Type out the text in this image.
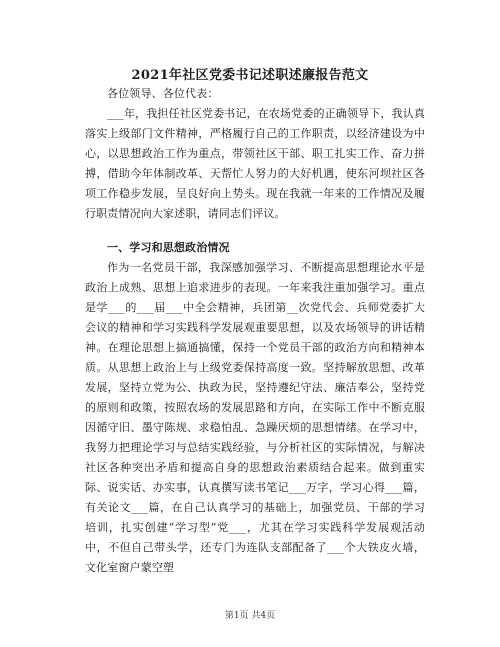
2021年社区党委书记述职述廉报告范文
各位领导、各位代表：
___年，我担任社区党委书记，在农场党委的正确领导下，我认真落实上级部门文件精神，严格履行自己的工作职责，以经济建设为中心，以思想政治工作为重点，带领社区干部、职工扎实工作、奋力拼搏，借助今年体制改革、天帮忙人努力的大好机遇，使东河坝社区各项工作稳步发展，呈良好向上势头。现在我就一年来的工作情况及履行职责情况向大家述职，请同志们评议。
一、学习和思想政治情况
作为一名党员干部，我深感加强学习、不断提高思想理论水平是政治上成熟、思想上追求进步的表现。一年来我注重加强学习。重点是学___的___届___中全会精神，兵团第__次党代会、兵师党委扩大会议的精神和学习实践科学发展观重要思想，以及农场领导的讲话精神。在理论思想上搞通搞懂，保持一个党员干部的政治方向和精神本质。从思想上政治上与上级党委保持高度一致。坚持解放思想、改革发展，坚持立党为公、执政为民，坚持遵纪守法、廉洁奉公，坚持党的原则和政策，按照农场的发展思路和方向，在实际工作中不断克服因循守旧、墨守陈规、求稳怕乱、急躁厌烦的思想情绪。在学习中，我努力把理论学习与总结实践经验，与分析社区的实际情况，与解决社区各种突出矛盾和提高自身的思想政治素质结合起来。做到重实际、说实话、办实事，认真撰写读书笔记___万字，学习心得___篇，有关论文___篇，在自己认真学习的基础上，加强党员、干部的学习培训，扎实创建“学习型”党___，尤其在学习实践科学发展观活动中，不但自己带头学，还专门为连队支部配备了___个大铁皮火墙，文化室窗户蒙空塑
第1页 共4页
